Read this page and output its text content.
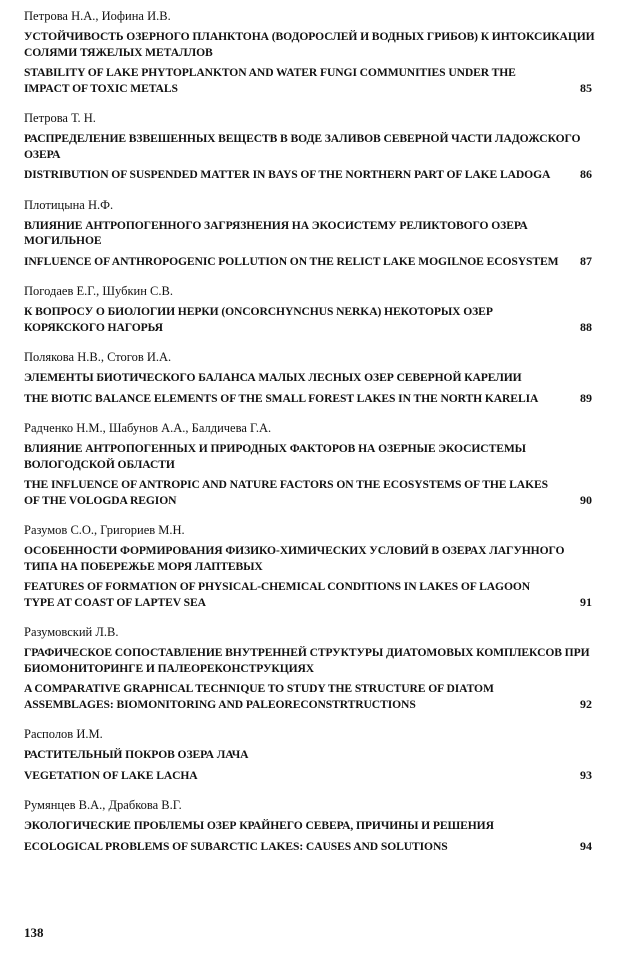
Петрова Н.А., Иофина И.В.
УСТОЙЧИВОСТЬ ОЗЕРНОГО ПЛАНКТОНА (ВОДОРОСЛЕЙ И ВОДНЫХ ГРИБОВ) К ИНТОКСИКАЦИИ СОЛЯМИ ТЯЖЕЛЫХ МЕТАЛЛОВ
STABILITY OF LAKE PHYTOPLANKTON AND WATER FUNGI COMMUNITIES UNDER THE IMPACT OF TOXIC METALS	85
Петрова Т. Н.
РАСПРЕДЕЛЕНИЕ ВЗВЕШЕННЫХ ВЕЩЕСТВ В ВОДЕ ЗАЛИВОВ СЕВЕРНОЙ ЧАСТИ ЛАДОЖСКОГО ОЗЕРА
DISTRIBUTION OF SUSPENDED MATTER IN BAYS OF THE NORTHERN PART OF LAKE LADOGA 86
Плотицына Н.Ф.
ВЛИЯНИЕ АНТРОПОГЕННОГО ЗАГРЯЗНЕНИЯ НА ЭКОСИСТЕМУ РЕЛИКТОВОГО ОЗЕРА МОГИЛЬНОЕ
INFLUENCE OF ANTHROPOGENIC POLLUTION ON THE RELICT LAKE MOGILNOE ECOSYSTEM 87
Погодаев Е.Г., Шубкин С.В.
К ВОПРОСУ О БИОЛОГИИ НЕРКИ (ONCORCHYNCHUS NERKA) НЕКОТОРЫХ ОЗЕР КОРЯКСКОГО НАГОРЬЯ	88
Полякова Н.В., Стогов И.А.
ЭЛЕМЕНТЫ БИОТИЧЕСКОГО БАЛАНСА МАЛЫХ ЛЕСНЫХ ОЗЕР СЕВЕРНОЙ КАРЕЛИИ
THE BIOTIC BALANCE ELEMENTS OF THE SMALL FOREST LAKES IN THE NORTH KARELIA	89
Радченко Н.М., Шабунов А.А., Балдичева Г.А.
ВЛИЯНИЕ АНТРОПОГЕННЫХ И ПРИРОДНЫХ ФАКТОРОВ НА ОЗЕРНЫЕ ЭКОСИСТЕМЫ ВОЛОГОДСКОЙ ОБЛАСТИ
THE INFLUENCE OF ANTROPIC AND NATURE FACTORS ON THE ECOSYSTEMS OF THE LAKES OF THE VOLOGDA REGION	90
Разумов С.О., Григориев М.Н.
ОСОБЕННОСТИ ФОРМИРОВАНИЯ ФИЗИКО-ХИМИЧЕСКИХ УСЛОВИЙ В ОЗЕРАХ ЛАГУННОГО ТИПА НА ПОБЕРЕЖЬЕ МОРЯ ЛАПТЕВЫХ
FEATURES OF FORMATION OF PHYSICAL-CHEMICAL CONDITIONS IN LAKES OF LAGOON TYPE AT COAST OF LAPTEV SEA	91
Разумовский Л.В.
ГРАФИЧЕСКОЕ СОПОСТАВЛЕНИЕ ВНУТРЕННЕЙ СТРУКТУРЫ ДИАТОМОВЫХ КОМПЛЕКСОВ ПРИ БИОМОНИТОРИНГЕ И ПАЛЕОРЕКОНСТРУКЦИЯХ
A COMPARATIVE GRAPHICAL TECHNIQUE TO STUDY THE STRUCTURE OF DIATOM ASSEMBLAGES: BIOMONITORING AND PALEORECONSTRTRUCTIONS	92
Располов И.М.
РАСТИТЕЛЬНЫЙ ПОКРОВ ОЗЕРА ЛАЧА
VEGETATION OF LAKE LACHA	93
Румянцев В.А., Драбкова В.Г.
ЭКОЛОГИЧЕСКИЕ ПРОБЛЕМЫ ОЗЕР КРАЙНЕГО СЕВЕРА, ПРИЧИНЫ И РЕШЕНИЯ
ECOLOGICAL PROBLEMS OF SUBARCTIC LAKES: CAUSES AND SOLUTIONS	94
138
